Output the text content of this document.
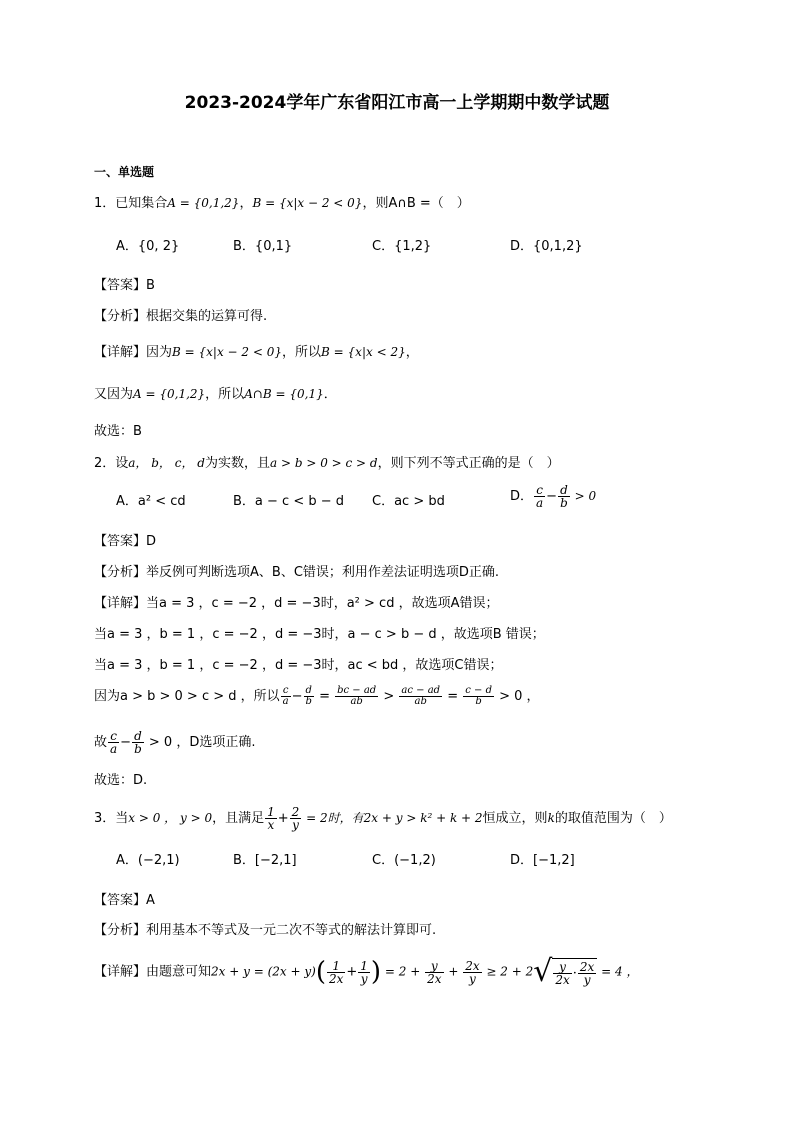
2023-2024学年广东省阳江市高一上学期期中数学试题
一、单选题
1．已知集合A = {0,1,2}，B = {x|x − 2 < 0}，则A∩B =（　）
A．{0, 2}	B．{0,1}	C．{1,2}	D．{0,1,2}
【答案】B
【分析】根据交集的运算可得.
【详解】因为B = {x|x − 2 < 0}，所以B = {x|x < 2}，
又因为A = {0,1,2}，所以A∩B = {0,1}．
故选：B
2．设a， b， c， d为实数，且a > b > 0 > c > d，则下列不等式正确的是（　）
A．a² < cd	B．a − c < b − d C．ac > bd	D． $\frac{c}{a} - \frac{d}{b} > 0$
【答案】D
【分析】举反例可判断选项A、B、C错误；利用作差法证明选项D正确.
【详解】当a = 3 ，c = −2 ，d = −3时，a² > cd ，故选项A错误；
当a = 3 ，b = 1 ，c = −2 ，d = −3时，a − c > b − d ，故选项B 错误；
当a = 3 ，b = 1 ，c = −2 ，d = −3时，ac < bd ，故选项C错误；
因为a > b > 0 > c > d ，所以 $\frac{c}{a} - \frac{d}{b} = \frac{bc - ad}{ab} > \frac{ac - ad}{ab} = \frac{c - d}{b} > 0$ ，
故 $\frac{c}{a} - \frac{d}{b} > 0$ ，D选项正确.
故选：D.
3．当x > 0 ， y > 0，且满足 $\frac{1}{x} + \frac{2}{y} = 2$时，有2x + y > k² + k + 2恒成立，则k的取值范围为（　）
A．(−2,1)	B．[−2,1]	C．(−1,2)	D．[−1,2]
【答案】A
【分析】利用基本不等式及一元二次不等式的解法计算即可.
【详解】由题意可知$2x + y = (2x + y)( \frac{1}{2x} + \frac{1}{y}$ ) = $2 + \frac{y}{2x} + \frac{2x}{y} \ge 2 + 2√ \frac{y}{2x} \cdot \frac{2x}{y} = 4$ ，
